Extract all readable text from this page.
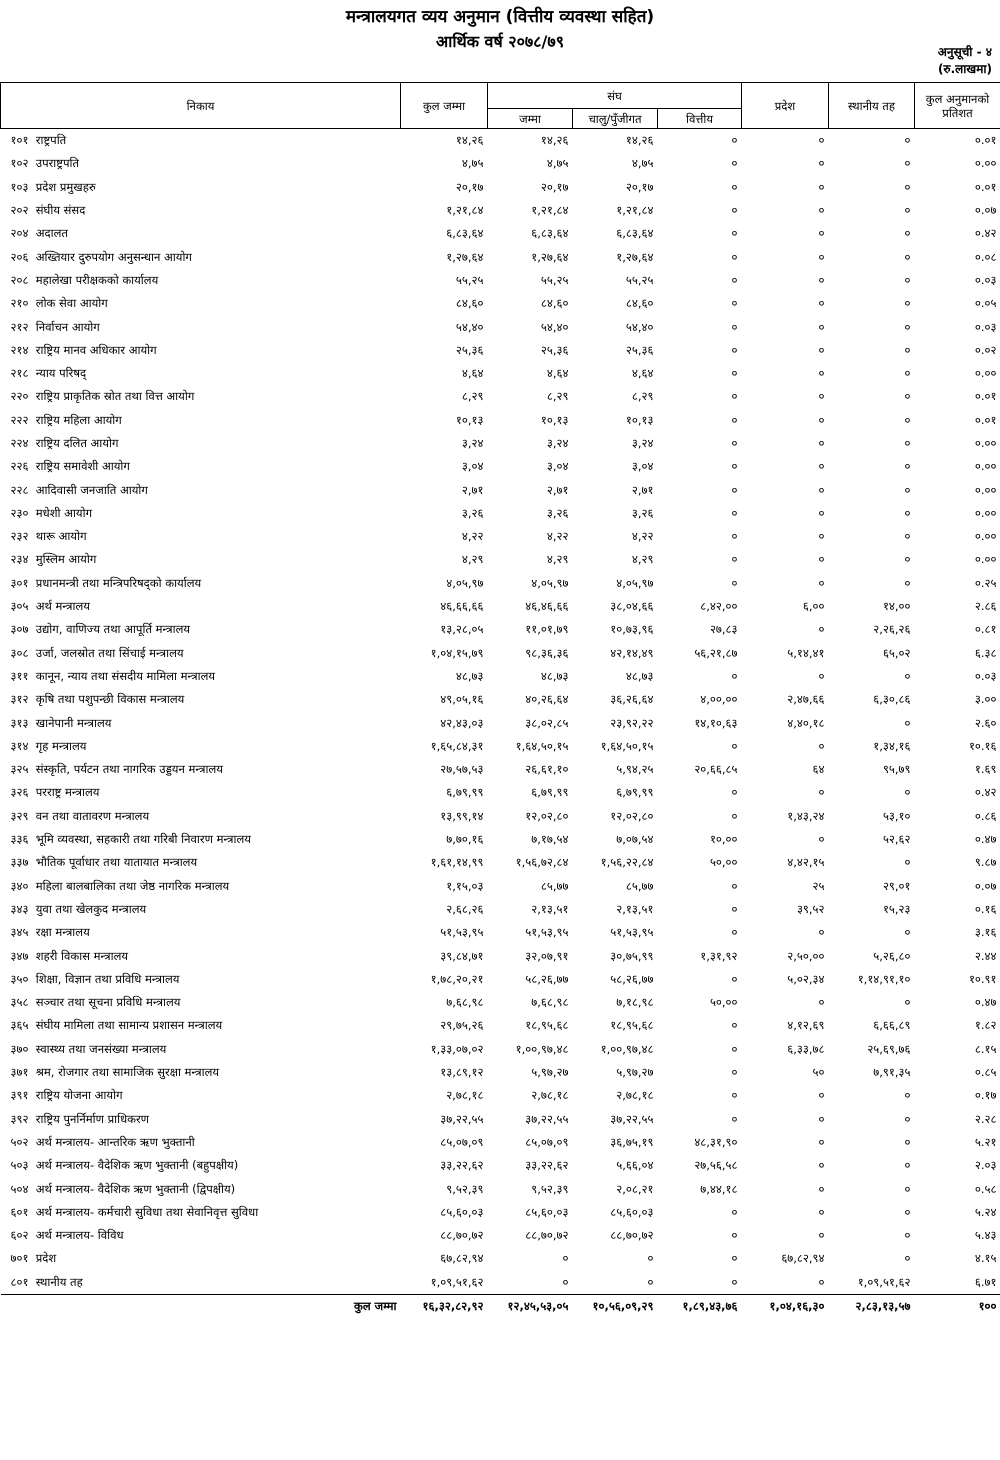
मन्त्रालयगत व्यय अनुमान (वित्तीय व्यवस्था सहित)
आर्थिक वर्ष २०७८/७९
अनुसूची - ४
(रु.लाखमा)
निकाय	कुल जम्मा	संघ			प्रदेश	स्थानीय तह	कुल अनुमानको प्रतिशत
		जम्मा	चालु/पुँजीगत	वित्तीय			
१०१ राष्ट्रपति	१४,२६	१४,२६	१४,२६	०	०	०	०.०१
१०२ उपराष्ट्रपति	४,७५	४,७५	४,७५	०	०	०	०.००
१०३ प्रदेश प्रमुखहरु	२०,१७	२०,१७	२०,१७	०	०	०	०.०१
२०२ संघीय संसद	१,२१,८४	१,२१,८४	१,२१,८४	०	०	०	०.०७
२०४ अदालत	६,८३,६४	६,८३,६४	६,८३,६४	०	०	०	०.४२
२०६ अख्तियार दुरुपयोग अनुसन्धान आयोग	१,२७,६४	१,२७,६४	१,२७,६४	०	०	०	०.०८
२०८ महालेखा परीक्षकको कार्यालय	५५,२५	५५,२५	५५,२५	०	०	०	०.०३
२१० लोक सेवा आयोग	८४,६०	८४,६०	८४,६०	०	०	०	०.०५
२१२ निर्वाचन आयोग	५४,४०	५४,४०	५४,४०	०	०	०	०.०३
२१४ राष्ट्रिय मानव अधिकार आयोग	२५,३६	२५,३६	२५,३६	०	०	०	०.०२
२१८ न्याय परिषद्	४,६४	४,६४	४,६४	०	०	०	०.००
२२० राष्ट्रिय प्राकृतिक स्रोत तथा वित्त आयोग	८,२९	८,२९	८,२९	०	०	०	०.०१
२२२ राष्ट्रिय महिला आयोग	१०,१३	१०,१३	१०,१३	०	०	०	०.०१
२२४ राष्ट्रिय दलित आयोग	३,२४	३,२४	३,२४	०	०	०	०.००
२२६ राष्ट्रिय समावेशी आयोग	३,०४	३,०४	३,०४	०	०	०	०.००
२२८ आदिवासी जनजाति आयोग	२,७१	२,७१	२,७१	०	०	०	०.००
२३० मधेशी आयोग	३,२६	३,२६	३,२६	०	०	०	०.००
२३२ थारू आयोग	४,२२	४,२२	४,२२	०	०	०	०.००
२३४ मुस्लिम आयोग	४,२९	४,२९	४,२९	०	०	०	०.००
३०१ प्रधानमन्त्री तथा मन्त्रिपरिषद्को कार्यालय	४,०५,९७	४,०५,९७	४,०५,९७	०	०	०	०.२५
३०५ अर्थ मन्त्रालय	४६,६६,६६	४६,४६,६६	३८,०४,६६	८,४२,००	६,००	१४,००	२.८६
३०७ उद्योग, वाणिज्य तथा आपूर्ति मन्त्रालय	१३,२८,०५	११,०१,७९	१०,७३,९६	२७,८३	०	२,२६,२६	०.८१
३०८ उर्जा, जलस्रोत तथा सिंचाई मन्त्रालय	१,०४,१५,७९	९८,३६,३६	४२,१४,४९	५६,२१,८७	५,१४,४१	६५,०२	६.३८
३११ कानून, न्याय तथा संसदीय मामिला मन्त्रालय	४८,७३	४८,७३	४८,७३	०	०	०	०.०३
३१२ कृषि तथा पशुपन्छी विकास मन्त्रालय	४९,०५,१६	४०,२६,६४	३६,२६,६४	४,००,००	२,४७,६६	६,३०,८६	३.००
३१३ खानेपानी मन्त्रालय	४२,४३,०३	३८,०२,८५	२३,९२,२२	१४,१०,६३	४,४०,१८	०	२.६०
३१४ गृह मन्त्रालय	१,६५,८४,३१	१,६४,५०,१५	१,६४,५०,१५	०	०	१,३४,१६	१०.१६
३२५ संस्कृति, पर्यटन तथा नागरिक उड्डयन मन्त्रालय	२७,५७,५३	२६,६१,१०	५,९४,२५	२०,६६,८५	६४	९५,७९	१.६९
३२६ परराष्ट्र मन्त्रालय	६,७९,९९	६,७९,९९	६,७९,९९	०	०	०	०.४२
३२९ वन तथा वातावरण मन्त्रालय	१३,९९,१४	१२,०२,८०	१२,०२,८०	०	१,४३,२४	५३,१०	०.८६
३३६ भूमि व्यवस्था, सहकारी तथा गरिबी निवारण मन्त्रालय	७,७०,१६	७,१७,५४	७,०७,५४	१०,००	०	५२,६२	०.४७
३३७ भौतिक पूर्वाधार तथा यातायात मन्त्रालय	१,६१,१४,९९	१,५६,७२,८४	१,५६,२२,८४	५०,००	४,४२,१५	०	९.८७
३४० महिला बालबालिका तथा जेष्ठ नागरिक मन्त्रालय	१,१५,०३	८५,७७	८५,७७	०	२५	२९,०१	०.०७
३४३ युवा तथा खेलकुद मन्त्रालय	२,६८,२६	२,१३,५१	२,१३,५१	०	३९,५२	१५,२३	०.१६
३४५ रक्षा मन्त्रालय	५१,५३,९५	५१,५३,९५	५१,५३,९५	०	०	०	३.१६
३४७ शहरी विकास मन्त्रालय	३९,८४,७१	३२,०७,९१	३०,७५,९९	१,३१,९२	२,५०,००	५,२६,८०	२.४४
३५० शिक्षा, विज्ञान तथा प्रविधि मन्त्रालय	१,७८,२०,२१	५८,२६,७७	५८,२६,७७	०	५,०२,३४	१,१४,९१,१०	१०.९१
३५८ सञ्चार तथा सूचना प्रविधि मन्त्रालय	७,६८,९८	७,६८,९८	७,१८,९८	५०,००	०	०	०.४७
३६५ संघीय मामिला तथा सामान्य प्रशासन मन्त्रालय	२९,७५,२६	१८,९५,६८	१८,९५,६८	०	४,१२,६९	६,६६,८९	१.८२
३७० स्वास्थ्य तथा जनसंख्या मन्त्रालय	१,३३,०७,०२	१,००,९७,४८	१,००,९७,४८	०	६,३३,७८	२५,६९,७६	८.१५
३७१ श्रम, रोजगार तथा सामाजिक सुरक्षा मन्त्रालय	१३,८९,१२	५,९७,२७	५,९७,२७	०	५०	७,९१,३५	०.८५
३९१ राष्ट्रिय योजना आयोग	२,७८,१८	२,७८,१८	२,७८,१८	०	०	०	०.१७
३९२ राष्ट्रिय पुनर्निर्माण प्राधिकरण	३७,२२,५५	३७,२२,५५	३७,२२,५५	०	०	०	२.२८
५०२ अर्थ मन्त्रालय- आन्तरिक ऋण भुक्तानी	८५,०७,०९	८५,०७,०९	३६,७५,१९	४८,३१,९०	०	०	५.२१
५०३ अर्थ मन्त्रालय- वैदेशिक ऋण भुक्तानी (बहुपक्षीय)	३३,२२,६२	३३,२२,६२	५,६६,०४	२७,५६,५८	०	०	२.०३
५०४ अर्थ मन्त्रालय- वैदेशिक ऋण भुक्तानी (द्विपक्षीय)	९,५२,३९	९,५२,३९	२,०८,२१	७,४४,१८	०	०	०.५८
६०१ अर्थ मन्त्रालय- कर्मचारी सुविधा तथा सेवानिवृत्त सुविधा	८५,६०,०३	८५,६०,०३	८५,६०,०३	०	०	०	५.२४
६०२ अर्थ मन्त्रालय- विविध	८८,७०,७२	८८,७०,७२	८८,७०,७२	०	०	०	५.४३
७०१ प्रदेश	६७,८२,९४	०	०	०	६७,८२,९४	०	४.१५
८०१ स्थानीय तह	१,०९,५१,६२	०	०	०	०	१,०९,५१,६२	६.७१
कुल जम्मा	१६,३२,८२,९२	१२,४५,५३,०५	१०,५६,०९,२९	१,८९,४३,७६	१,०४,१६,३०	२,८३,१३,५७	१००
